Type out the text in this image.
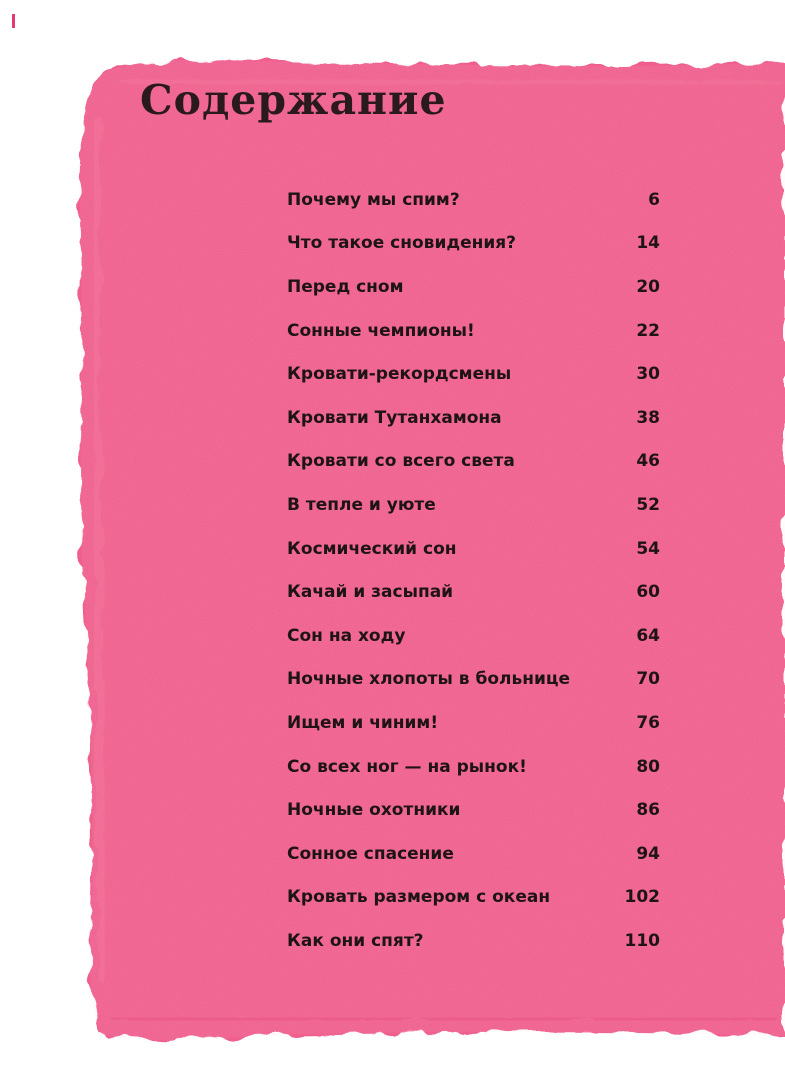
Содержание
Почему мы спим?	6
Что такое сновидения?	14
Перед сном	20
Сонные чемпионы!	22
Кровати-рекордсмены	30
Кровати Тутанхамона	38
Кровати со всего света	46
В тепле и уюте	52
Космический сон	54
Качай и засыпай	60
Сон на ходу	64
Ночные хлопоты в больнице	70
Ищем и чиним!	76
Со всех ног — на рынок!	80
Ночные охотники	86
Сонное спасение	94
Кровать размером с океан	102
Как они спят?	110
